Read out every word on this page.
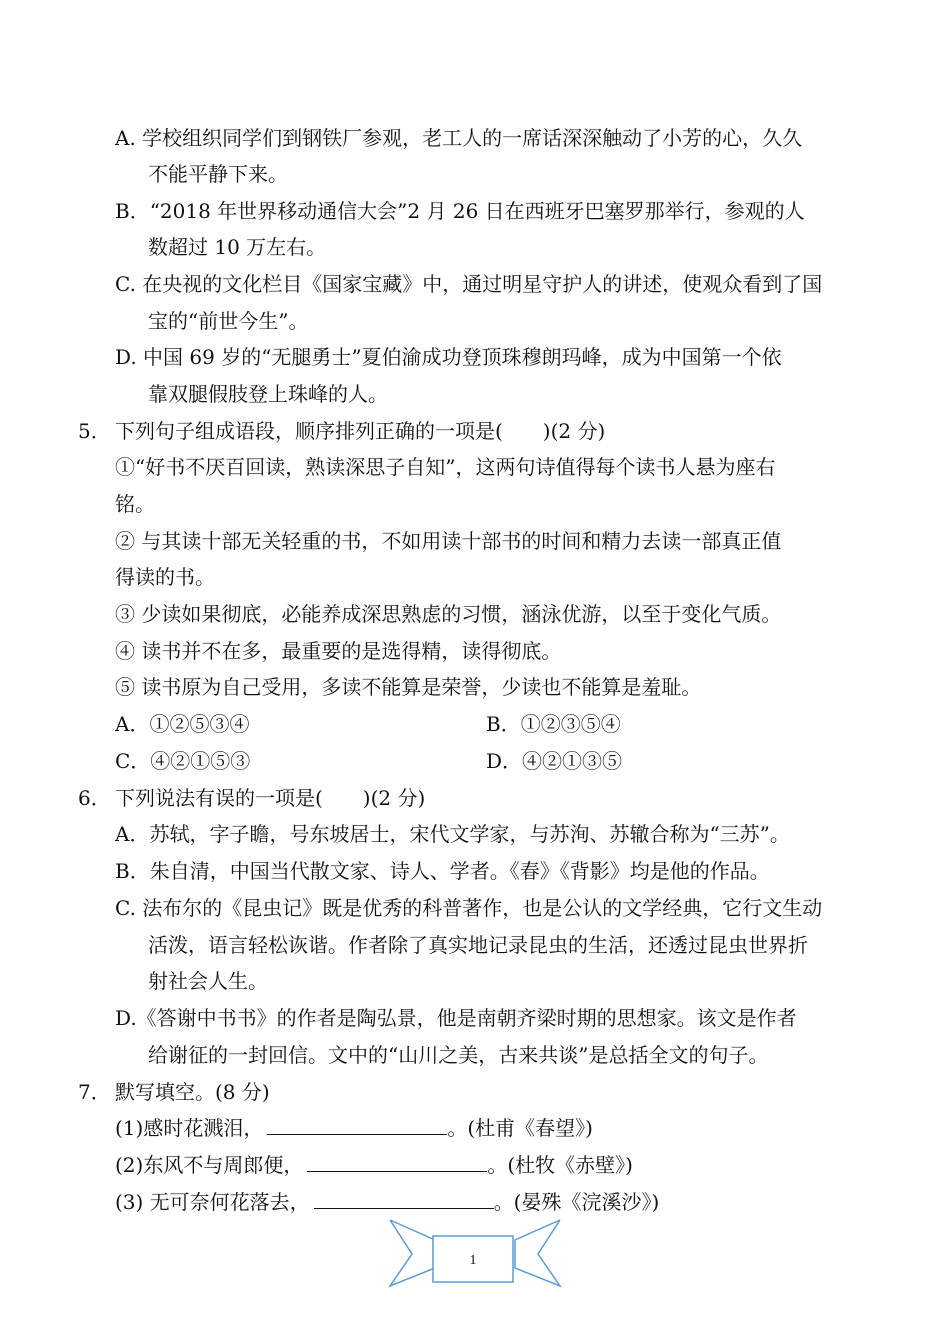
A. 学校组织同学们到钢铁厂参观，老工人的一席话深深触动了小芳的心，久久
不能平静下来。
B．“2018 年世界移动通信大会”2 月 26 日在西班牙巴塞罗那举行，参观的人
数超过 10 万左右。
C. 在央视的文化栏目《国家宝藏》中，通过明星守护人的讲述，使观众看到了国
宝的“前世今生”。
D. 中国 69 岁的“无腿勇士”夏伯渝成功登顶珠穆朗玛峰，成为中国第一个依
靠双腿假肢登上珠峰的人。
5． 下列句子组成语段，顺序排列正确的一项是(　　)(2 分)
①“好书不厌百回读，熟读深思子自知”，这两句诗值得每个读书人悬为座右
铭。
② 与其读十部无关轻重的书，不如用读十部书的时间和精力去读一部真正值
得读的书。
③ 少读如果彻底，必能养成深思熟虑的习惯，涵泳优游，以至于变化气质。
④ 读书并不在多，最重要的是选得精，读得彻底。
⑤ 读书原为自己受用，多读不能算是荣誉，少读也不能算是羞耻。
A．①②⑤③④	B．①②③⑤④
C．④②①⑤③	D．④②①③⑤
6． 下列说法有误的一项是(　　)(2 分)
A．苏轼，字子瞻，号东坡居士，宋代文学家，与苏洵、苏辙合称为“三苏”。
B．朱自清，中国当代散文家、诗人、学者。《春》《背影》均是他的作品。
C. 法布尔的《昆虫记》既是优秀的科普著作，也是公认的文学经典，它行文生动
活泼，语言轻松诙谐。作者除了真实地记录昆虫的生活，还透过昆虫世界折
射社会人生。
D.《答谢中书书》的作者是陶弘景，他是南朝齐梁时期的思想家。该文是作者
给谢征的一封回信。文中的“山川之美，古来共谈”是总括全文的句子。
7． 默写填空。(8 分)
(1)感时花溅泪，	。(杜甫《春望》)
(2)东风不与周郎便，	。(杜牧《赤壁》)
(3) 无可奈何花落去，	。(晏殊《浣溪沙》)
1
